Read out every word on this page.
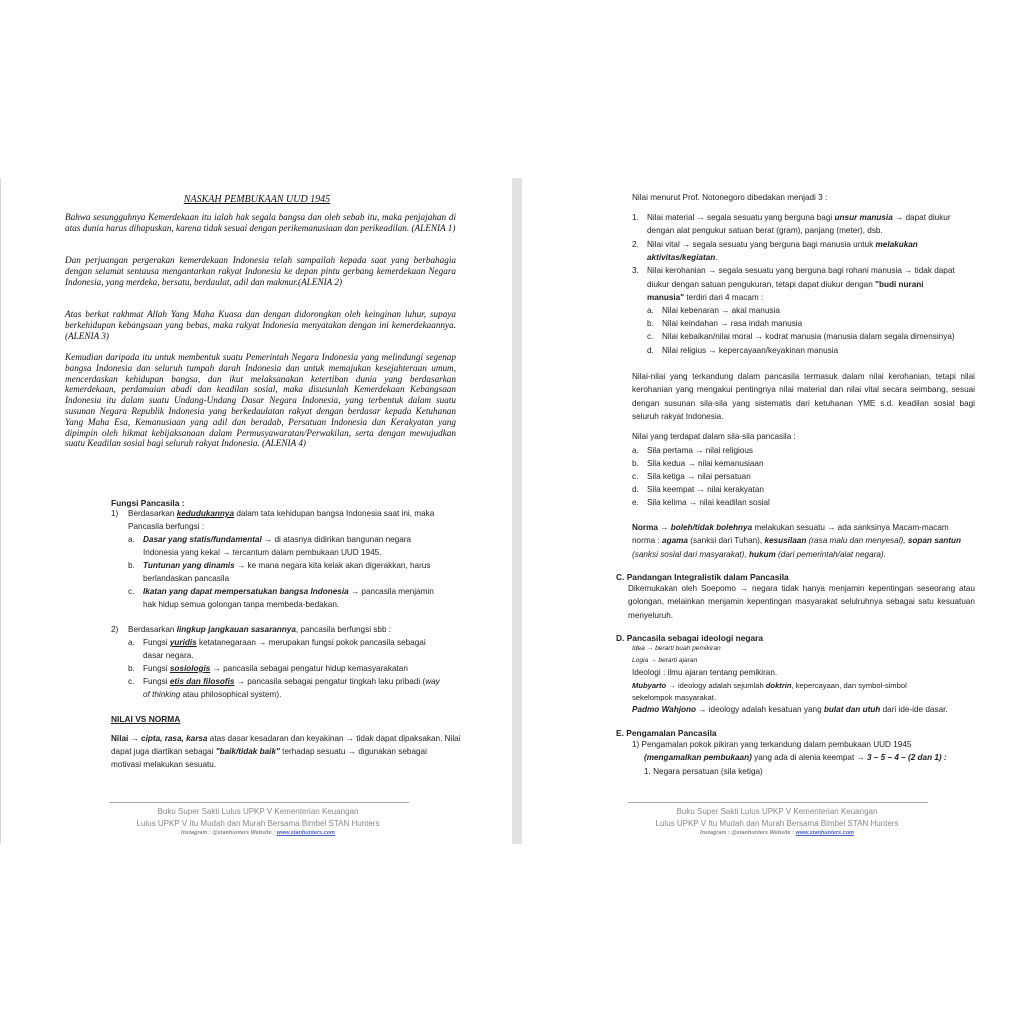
NASKAH PEMBUKAAN UUD 1945

Bahwa sesungguhnya Kemerdekaan itu ialah hak segala bangsa dan oleh sebab itu, maka penjajahan di atas dunia harus dihapuskan, karena tidak sesuai dengan perikemanusiaan dan perikeadilan. (ALENIA 1)

Dan perjuangan pergerakan kemerdekaan Indonesia telah sampailah kepada saat yang berbahagia dengan selamat sentausa mengantarkan rakyat Indonesia ke depan pintu gerbang kemerdekaan Negara Indonesia, yang merdeka, bersatu, berdaulat, adil dan makmur.(ALENIA 2)

Atas berkat rakhmat Allah Yang Maha Kuasa dan dengan didorongkan oleh keinginan luhur, supaya berkehidupan kebangsaan yang bebas, maka rakyat Indonesia menyatakan dengan ini kemerdekaannya. (ALENIA 3)

Kemudian daripada itu untuk membentuk suatu Pemerintah Negara Indonesia yang melindungi segenap bangsa Indonesia dan seluruh tumpah darah Indonesia dan untuk memajukan kesejahteraan umum, mencerdaskan kehidupan bangsa, dan ikut melaksanakan ketertiban dunia yang berdasarkan kemerdekaan, perdamaian abadi dan keadilan sosial, maka disusunlah Kemerdekaan Kebangsaan Indonesia itu dalam suatu Undang-Undang Dasar Negara Indonesia, yang terbentuk dalam suatu susunan Negara Republik Indonesia yang berkedaulatan rakyat dengan berdasar kepada Ketuhanan Yang Maha Esa, Kemanusiaan yang adil dan beradab, Persatuan Indonesia dan Kerakyatan yang dipimpin oleh hikmat kebijaksanaan dalam Permusyawaratan/Perwakilan, serta dengan mewujudkan suatu Keadilan sosial bagi seluruh rakyat Indonesia. (ALENIA 4)

Fungsi Pancasila :
1) Berdasarkan kedudukannya dalam tata kehidupan bangsa Indonesia saat ini, maka
Pancasila berfungsi :
a. Dasar yang statis/fundamental → di atasnya didirikan bangunan negara
Indonesia yang kekal → tercantum dalam pembukaan UUD 1945.
b. Tuntunan yang dinamis → ke mana negara kita kelak akan digerakkan, harus
berlandaskan pancasila
c. Ikatan yang dapat mempersatukan bangsa Indonesia → pancasila menjamin
hak hidup semua golongan tanpa membeda-bedakan.
2) Berdasarkan lingkup jangkauan sasarannya, pancasila berfungsi sbb :
a. Fungsi yuridis ketatanegaraan → merupakan fungsi pokok pancasila sebagai
dasar negara.
b. Fungsi sosiologis → pancasila sebagai pengatur hidup kemasyarakatan
c. Fungsi etis dan filosofis → pancasila sebagai pengatur tingkah laku pribadi (way
of thinking atau philosophical system).
NILAI VS NORMA
Nilai → cipta, rasa, karsa atas dasar kesadaran dan keyakinan → tidak dapat dipaksakan. Nilai
dapat juga diartikan sebagai "baik/tidak baik" terhadap sesuatu → digunakan sebagai
motivasi melakukan sesuatu.
Buku Super Sakti Lulus UPKP V Kementerian Keuangan
Lulus UPKP V Itu Mudah dan Murah Bersama Bimbel STAN Hunters
Instagram : @stanhunters Website : www.stanhunters.com
Nilai menurut Prof. Notonegoro dibedakan menjadi 3 :
1. Nilai material → segala sesuatu yang berguna bagi unsur manusia → dapat diukur
dengan alat pengukur satuan berat (gram), panjang (meter), dsb.
2. Nilai vital → segala sesuatu yang berguna bagi manusia untuk melakukan
aktivitas/kegiatan.
3. Nilai kerohanian → segala sesuatu yang berguna bagi rohani manusia → tidak dapat
diukur dengan satuan pengukuran, tetapi dapat diukur dengan "budi nurani
manusia" terdiri dari 4 macam :
a. Nilai kebenaran → akal manusia
b. Nilai keindahan → rasa indah manusia
c. Nilai kebaikan/nilai moral → kodrat manusia (manusia dalam segala dimensinya)
d. Nilai religius → kepercayaan/keyakinan manusia
Nilai-nilai yang terkandung dalam pancasila termasuk dalam nilai kerohanian, tetapi nilai kerohanian yang mengakui pentingnya nilai material dan nilai vital secara seimbang, sesuai dengan susunan sila-sila yang sistematis dari ketuhanan YME s.d. keadilan sosial bagi seluruh rakyat Indonesia.
Nilai yang terdapat dalam sila-sila pancasila :
a. Sila pertama → nilai religious
b. Sila kedua → nilai kemanusiaan
c. Sila ketiga → nilai persatuan
d. Sila keempat → nilai kerakyatan
e. Sila kelima → nilai keadilan sosial
Norma → boleh/tidak bolehnya melakukan sesuatu → ada sanksinya Macam-macam
norma : agama (sanksi dari Tuhan), kesusilaan (rasa malu dan menyesal), sopan santun
(sanksi sosial dari masyarakat), hukum (dari pemerintah/alat negara).
C. Pandangan Integralistik dalam Pancasila
Dikemukakan oleh Soepomo → negara tidak hanya menjamin kepentingan seseorang atau golongan, melainkan menjamin kepentingan masyarakat selulruhnya sebagai satu kesuatuan menyeluruh.
D. Pancasila sebagai ideologi negara
Idea → berarti buah pemikiran
Logia → berarti ajaran
Ideologi : ilmu ajaran tentang pemikiran.
Mubyarto → ideology adalah sejumlah doktrin, kepercayaan, dan symbol-simbol
sekelompok masyarakat.
Padmo Wahjono → ideology adalah kesatuan yang bulat dan utuh dari ide-ide dasar.
E. Pengamalan Pancasila
1) Pengamalan pokok pikiran yang terkandung dalam pembukaan UUD 1945
(mengamalkan pembukaan) yang ada di alenia keempat → 3 – 5 – 4 – (2 dan 1) :
1. Negara persatuan (sila ketiga)
Buku Super Sakti Lulus UPKP V Kementerian Keuangan
Lulus UPKP V Itu Mudah dan Murah Bersama Bimbel STAN Hunters
Instagram : @stanhunters Website : www.stanhunters.com
